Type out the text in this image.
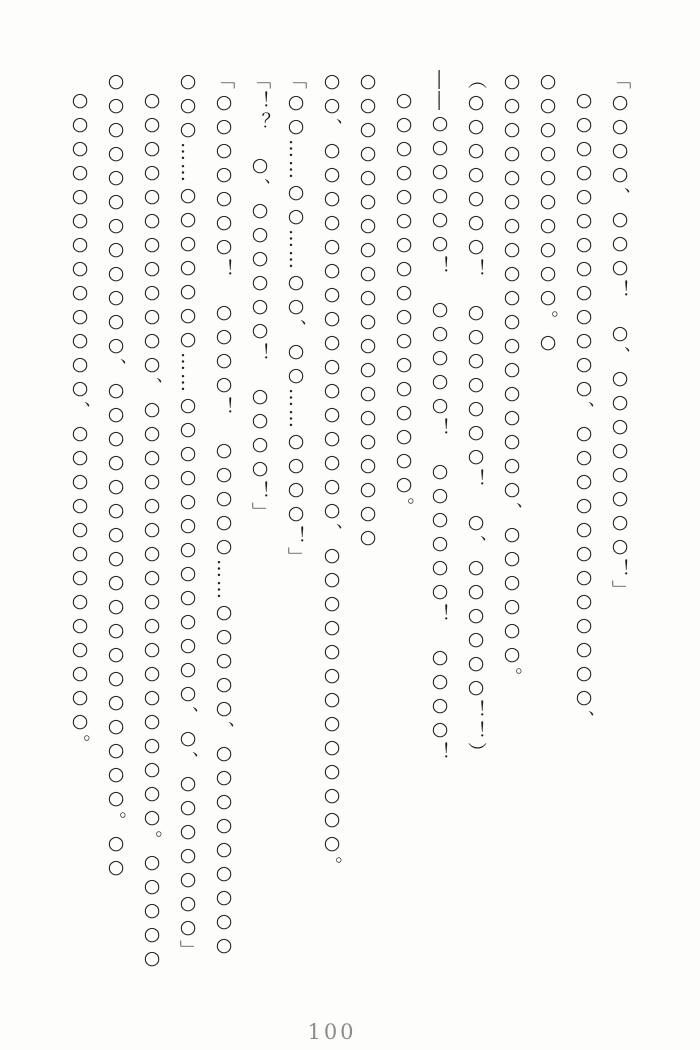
「○○○○、○○○！　○、○○○○○○○○！」

○○○○○○○○○○○○○、○○○○○○○○○○○○、○○○○○○○○○○。○

○○○○○○○○○○○○○○○○○○、○○○○○○。

（○○○○○○○！　○○○○○○○！　○、○○○○○○！！）

――○○○○○○！　○○○○○！　○○○○○○！　○○○○！

○○○○○○○○○○○○○○○○○。○○○○○○○○○○○○○○○○○○○○

○○、○○○○○○○○○○○○○○○○、○○○○○○○○○○○○○。

「○○……○○……○○、○○……○○○○！」

「！？　○、○○○○○○！　○○○○！」

「○○○○○○○！　○○○○！　○○○○○……○○○○○、○○○○○○○○○

○○○……○○○○○○○……○○○○○○○○○○○○○、○、○○○○○○○」

○○○○○○○○○○○○、○○○○○○○○○○○○○○○○○○。○○○○○

○○○○○○○○○○○○、○○○○○○○○○○○○○○○○○○。○○

○○○○○○○○○○○○○、○○○○○○○○○○○○○。

100
